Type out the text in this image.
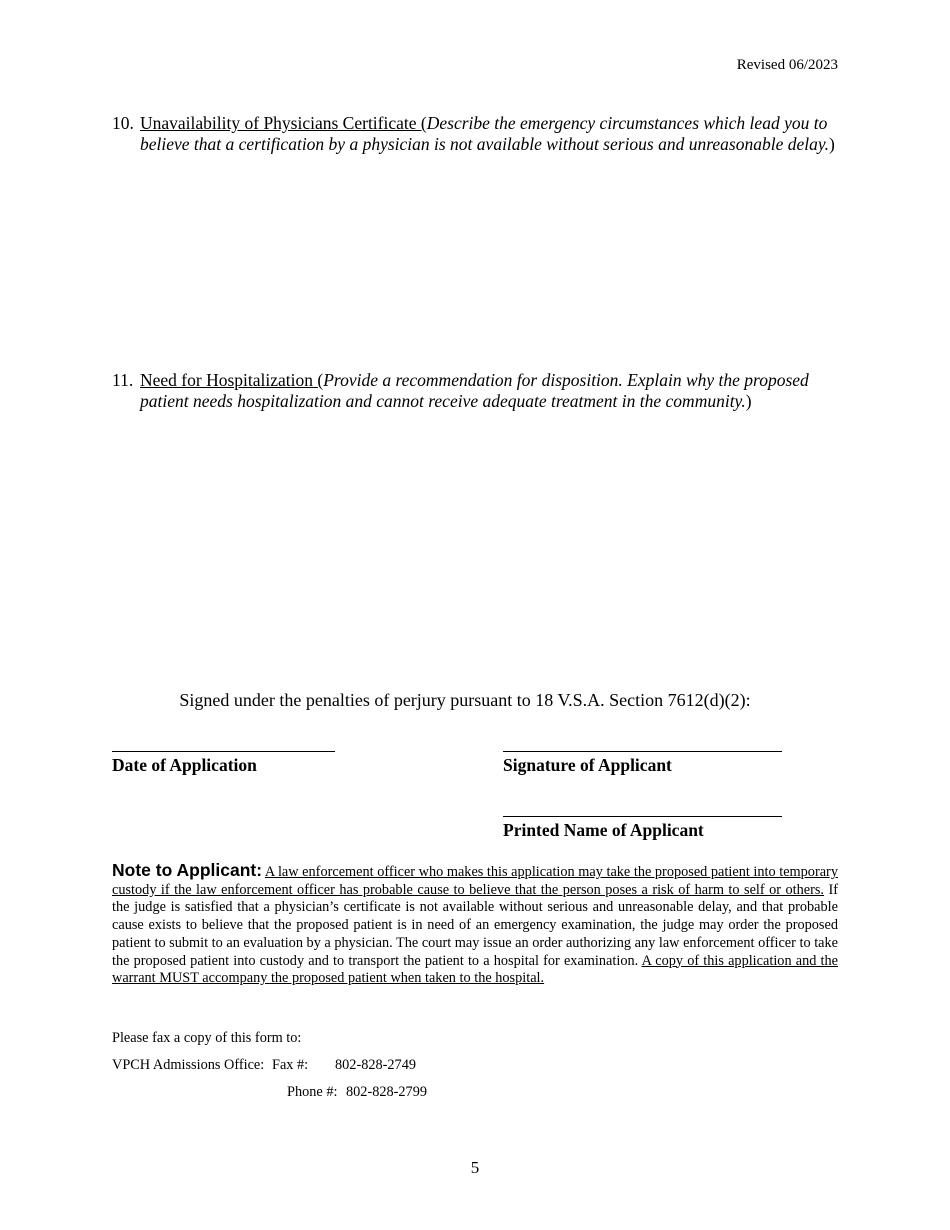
Revised 06/2023
10. Unavailability of Physicians Certificate (Describe the emergency circumstances which lead you to believe that a certification by a physician is not available without serious and unreasonable delay.)
11. Need for Hospitalization (Provide a recommendation for disposition. Explain why the proposed patient needs hospitalization and cannot receive adequate treatment in the community.)
Signed under the penalties of perjury pursuant to 18 V.S.A. Section 7612(d)(2):
Date of Application	Signature of Applicant
Printed Name of Applicant
Note to Applicant: A law enforcement officer who makes this application may take the proposed patient into temporary custody if the law enforcement officer has probable cause to believe that the person poses a risk of harm to self or others. If the judge is satisfied that a physician’s certificate is not available without serious and unreasonable delay, and that probable cause exists to believe that the proposed patient is in need of an emergency examination, the judge may order the proposed patient to submit to an evaluation by a physician. The court may issue an order authorizing any law enforcement officer to take the proposed patient into custody and to transport the patient to a hospital for examination. A copy of this application and the warrant MUST accompany the proposed patient when taken to the hospital.
Please fax a copy of this form to:
VPCH Admissions Office: Fax #: 802-828-2749
Phone #: 802-828-2799
5
